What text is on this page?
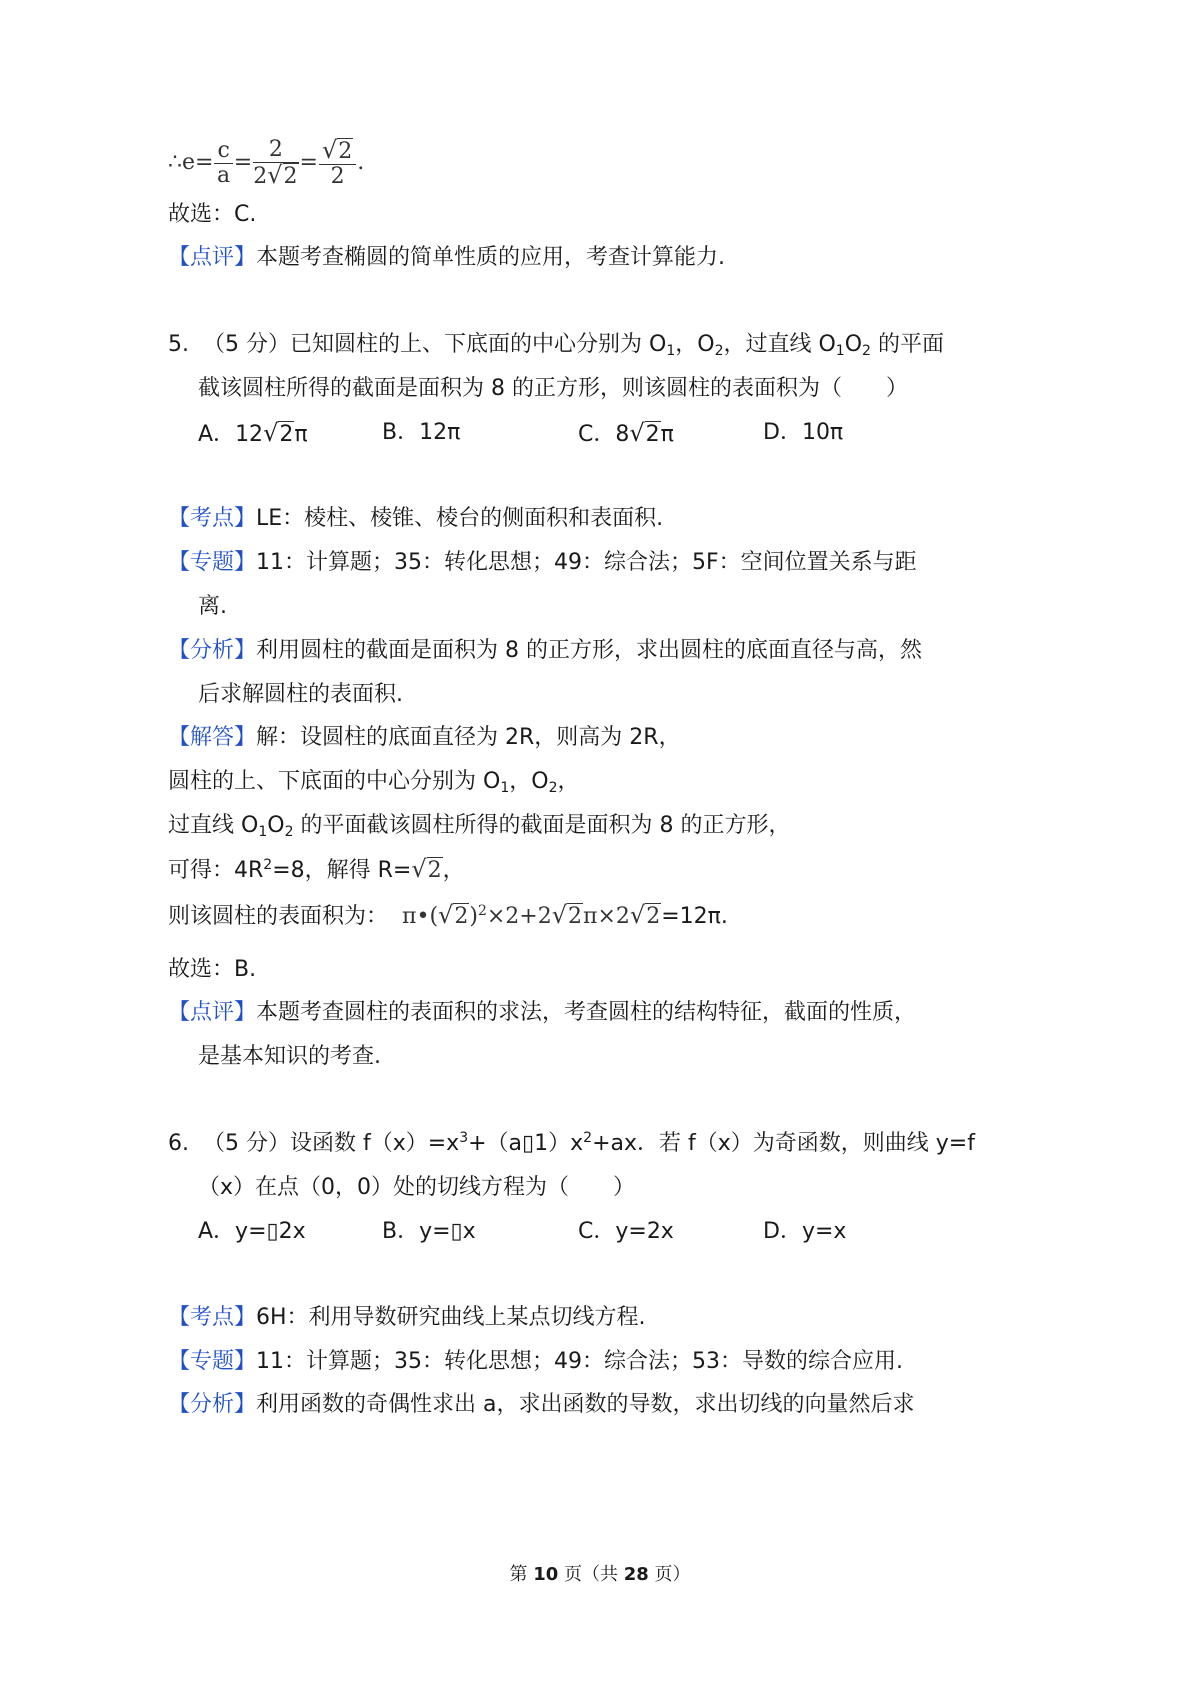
∴e= $\frac{c}{a} = \frac{2}{2√2} = \frac{√2}{2}$ .
故选：C.
【点评】本题考查椭圆的简单性质的应用，考查计算能力.
5. （5 分）已知圆柱的上、下底面的中心分别为 $O_1$，$O_2$，过直线 $O_1O_2$ 的平面
截该圆柱所得的截面是面积为 8 的正方形，则该圆柱的表面积为（　　）
A．12√2π	B．12π	C．8√2π	D．10π
【考点】LE：棱柱、棱锥、棱台的侧面积和表面积.
【专题】11：计算题；35：转化思想；49：综合法；5F：空间位置关系与距
离.
【分析】利用圆柱的截面是面积为 8 的正方形，求出圆柱的底面直径与高，然
后求解圆柱的表面积.
【解答】解：设圆柱的底面直径为 2R，则高为 2R，
圆柱的上、下底面的中心分别为 $O_1$，$O_2$，
过直线 $O_1O_2$ 的平面截该圆柱所得的截面是面积为 8 的正方形，
可得：$4R^2=8$，解得 R=√2，
则该圆柱的表面积为： $\pi•(√2)^2\times 2+2√2\pi\times 2√2=12\pi$.
故选：B.
【点评】本题考查圆柱的表面积的求法，考查圆柱的结构特征，截面的性质，
是基本知识的考查.
6. （5 分）设函数 $f(x)=x^3+(a▯1)x^2+ax$．若 f（x）为奇函数，则曲线 y=f
（x）在点（0，0）处的切线方程为（　　）
A．y=▯2x	B．y=▯x	C．y=2x	D．y=x
【考点】6H：利用导数研究曲线上某点切线方程.
【专题】11：计算题；35：转化思想；49：综合法；53：导数的综合应用.
【分析】利用函数的奇偶性求出 a，求出函数的导数，求出切线的向量然后求
第 10 页（共 28 页）
